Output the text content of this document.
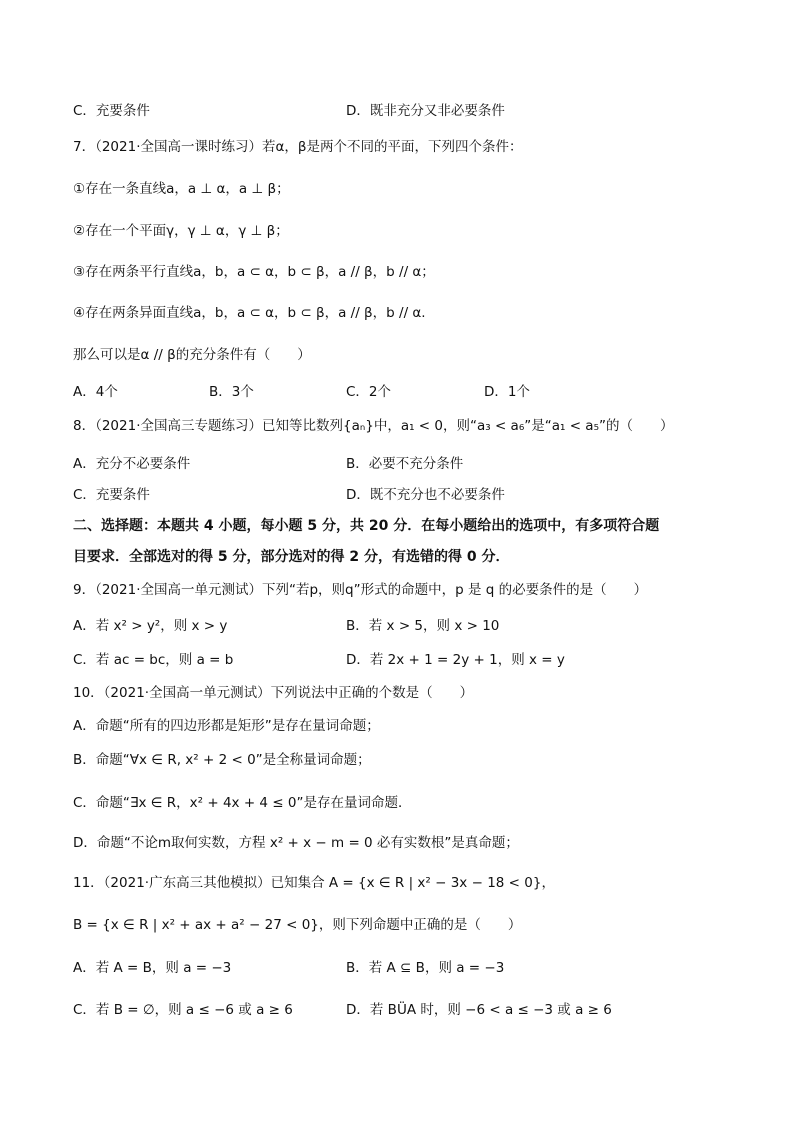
C．充要条件	D．既非充分又非必要条件
7．（2021·全国高一课时练习）若α，β是两个不同的平面，下列四个条件：
①存在一条直线a，a ⊥ α，a ⊥ β；
②存在一个平面γ，γ ⊥ α，γ ⊥ β；
③存在两条平行直线a，b，a ⊂ α，b ⊂ β，a // β，b // α；
④存在两条异面直线a，b，a ⊂ α，b ⊂ β，a // β，b // α.
那么可以是α // β的充分条件有（　　）
A．4个	B．3个	C．2个	D．1个
8．（2021·全国高三专题练习）已知等比数列{aₙ}中，a₁ < 0，则“a₃ < a₆”是“a₁ < a₅”的（　　）
A．充分不必要条件	B．必要不充分条件
C．充要条件	D．既不充分也不必要条件
二、选择题：本题共 4 小题，每小题 5 分，共 20 分．在每小题给出的选项中，有多项符合题
目要求．全部选对的得 5 分，部分选对的得 2 分，有选错的得 0 分．
9．（2021·全国高一单元测试）下列“若p，则q”形式的命题中，p 是 q 的必要条件的是（　　）
A．若 x² > y²，则 x > y	B．若 x > 5，则 x > 10
C．若 ac = bc，则 a = b	D．若 2x + 1 = 2y + 1，则 x = y
10．（2021·全国高一单元测试）下列说法中正确的个数是（　　）
A．命题“所有的四边形都是矩形”是存在量词命题；
B．命题“∀x ∈ R, x² + 2 < 0”是全称量词命题；
C．命题“∃x ∈ R，x² + 4x + 4 ≤ 0”是存在量词命题．
D．命题“不论m取何实数，方程 x² + x − m = 0 必有实数根”是真命题；
11．（2021·广东高三其他模拟）已知集合 A = {x ∈ R | x² − 3x − 18 < 0}，
B = {x ∈ R | x² + ax + a² − 27 < 0}，则下列命题中正确的是（　　）
A．若 A = B，则 a = −3	B．若 A ⊆ B，则 a = −3
C．若 B = ∅，则 a ≤ −6 或 a ≥ 6	D．若 BÜA 时，则 −6 < a ≤ −3 或 a ≥ 6
